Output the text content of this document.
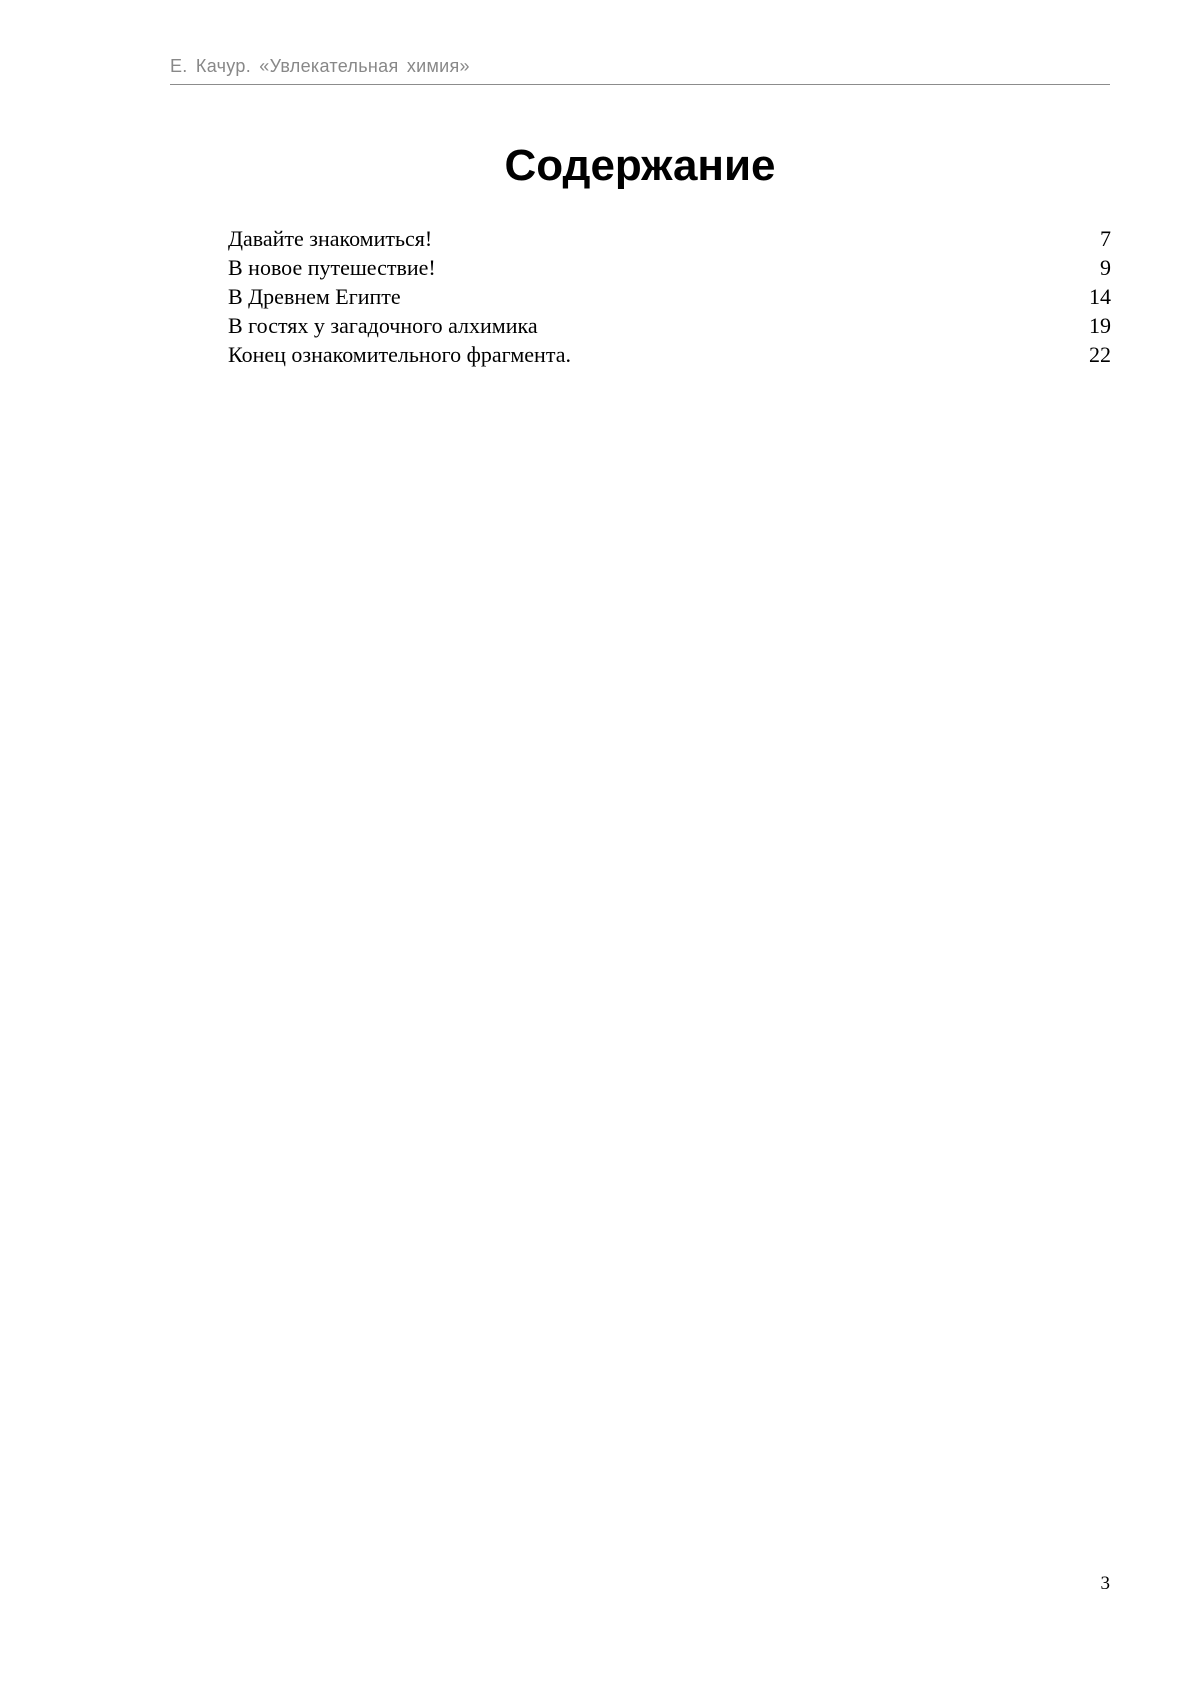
Е. Качур. «Увлекательная химия»
Содержание
Давайте знакомиться!	7
В новое путешествие!	9
В Древнем Египте	14
В гостях у загадочного алхимика	19
Конец ознакомительного фрагмента.	22
3
